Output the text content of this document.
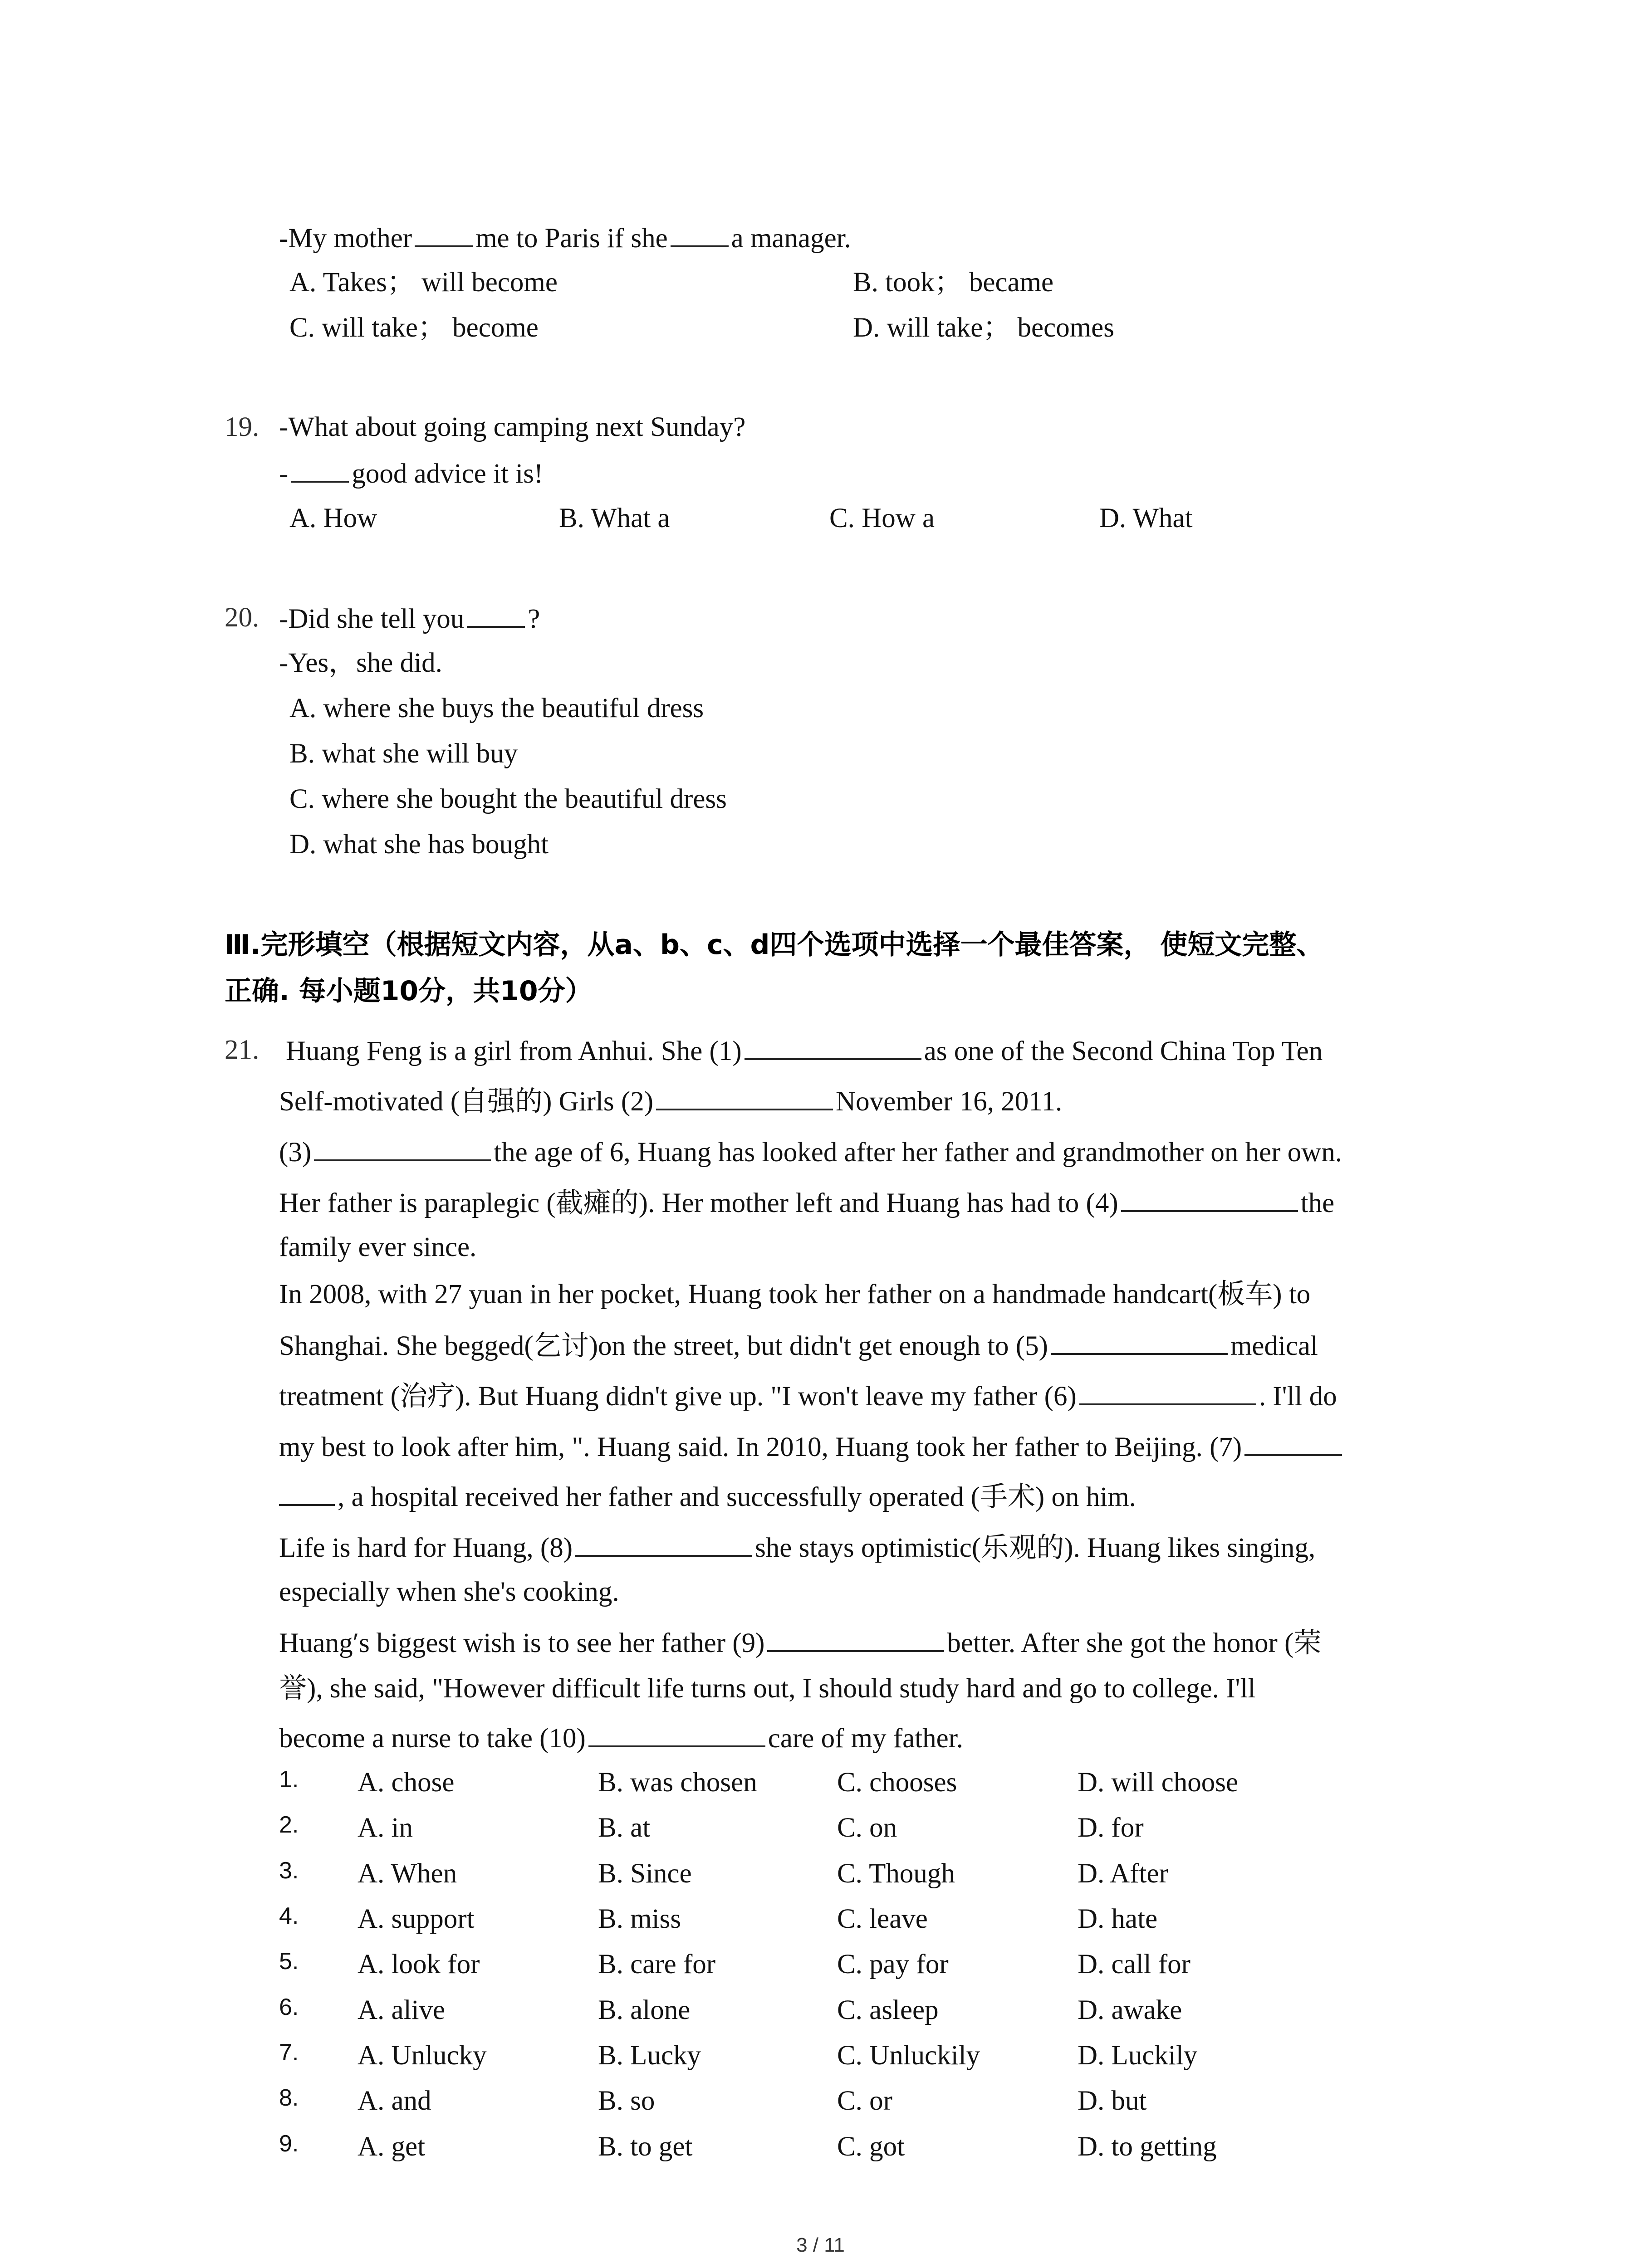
-My mother me to Paris if she a manager.
A. Takes； will become	B. took； became
C. will take； become	D. will take； becomes
19. -What about going camping next Sunday?
- good advice it is!
A. How	B. What a	C. How a	D. What
20. -Did she tell you ?
-Yes，she did.
A. where she buys the beautiful dress
B. what she will buy
C. where she bought the beautiful dress
D. what she has bought
Ⅲ.完形填空（根据短文内容，从a、b、c、d四个选项中选择一个最佳答案， 使短文完整、
正确. 每小题10分，共10分）
21. Huang Feng is a girl from Anhui. She (1)	as one of the Second China Top Ten
Self-motivated (自强的) Girls (2)	November 16, 2011.
(3)	the age of 6, Huang has looked after her father and grandmother on her own.
Her father is paraplegic (截瘫的). Her mother left and Huang has had to (4)	the
family ever since.
In 2008, with 27 yuan in her pocket, Huang took her father on a handmade handcart(板车) to
Shanghai. She begged(乞讨)on the street, but didn't get enough to (5)	medical
treatment (治疗). But Huang didn't give up. "I won't leave my father (6)	. I'll do
my best to look after him, ". Huang said. In 2010, Huang took her father to Beijing. (7)
, a hospital received her father and successfully operated (手术) on him.
Life is hard for Huang, (8)	she stays optimistic(乐观的). Huang likes singing,
especially when she's cooking.
Huang′s biggest wish is to see her father (9)	better. After she got the honor (荣
誉), she said, "However difficult life turns out, I should study hard and go to college. I'll
become a nurse to take (10)	care of my father.
1. A. chose	B. was chosen	C. chooses	D. will choose
2. A. in	B. at	C. on	D. for
3. A. When	B. Since	C. Though	D. After
4. A. support	B. miss	C. leave	D. hate
5. A. look for	B. care for	C. pay for	D. call for
6. A. alive	B. alone	C. asleep	D. awake
7. A. Unlucky	B. Lucky	C. Unluckily	D. Luckily
8. A. and	B. so	C. or	D. but
9. A. get	B. to get	C. got	D. to getting
3 / 11
